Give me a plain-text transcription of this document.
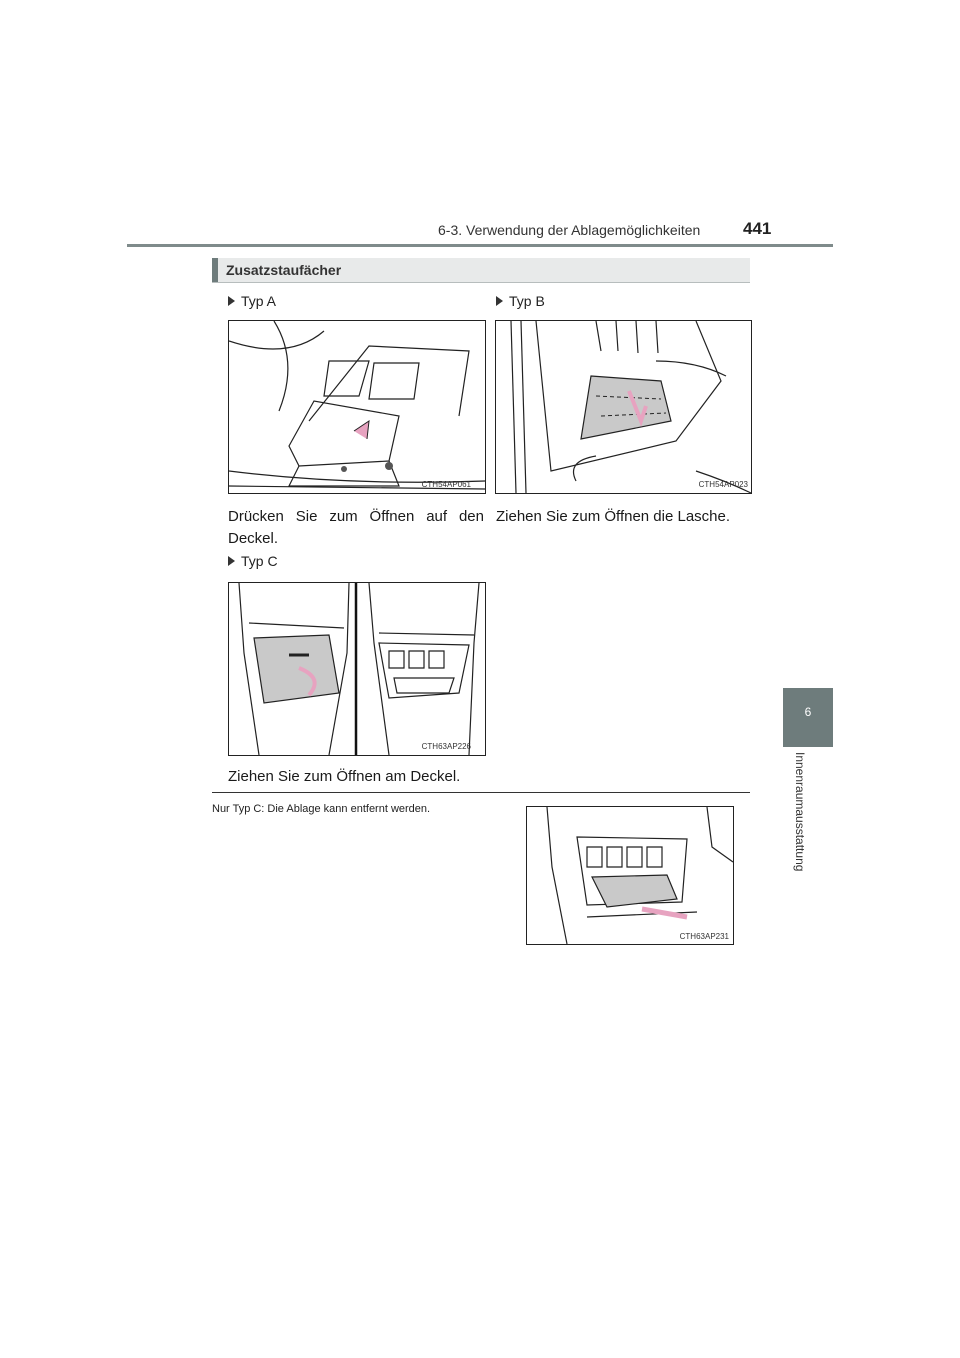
6-3. Verwendung der Ablagemöglichkeiten	441
6
Innenraumausstattung
Zusatzstaufächer
Typ A
CTH54AP061
Drücken Sie zum Öffnen auf den
Deckel.
Typ B
CTH54AP023
Ziehen Sie zum Öffnen die Lasche.
Typ C
CTH63AP226
Ziehen Sie zum Öffnen am Deckel.
Nur Typ C: Die Ablage kann entfernt werden.
CTH63AP231
